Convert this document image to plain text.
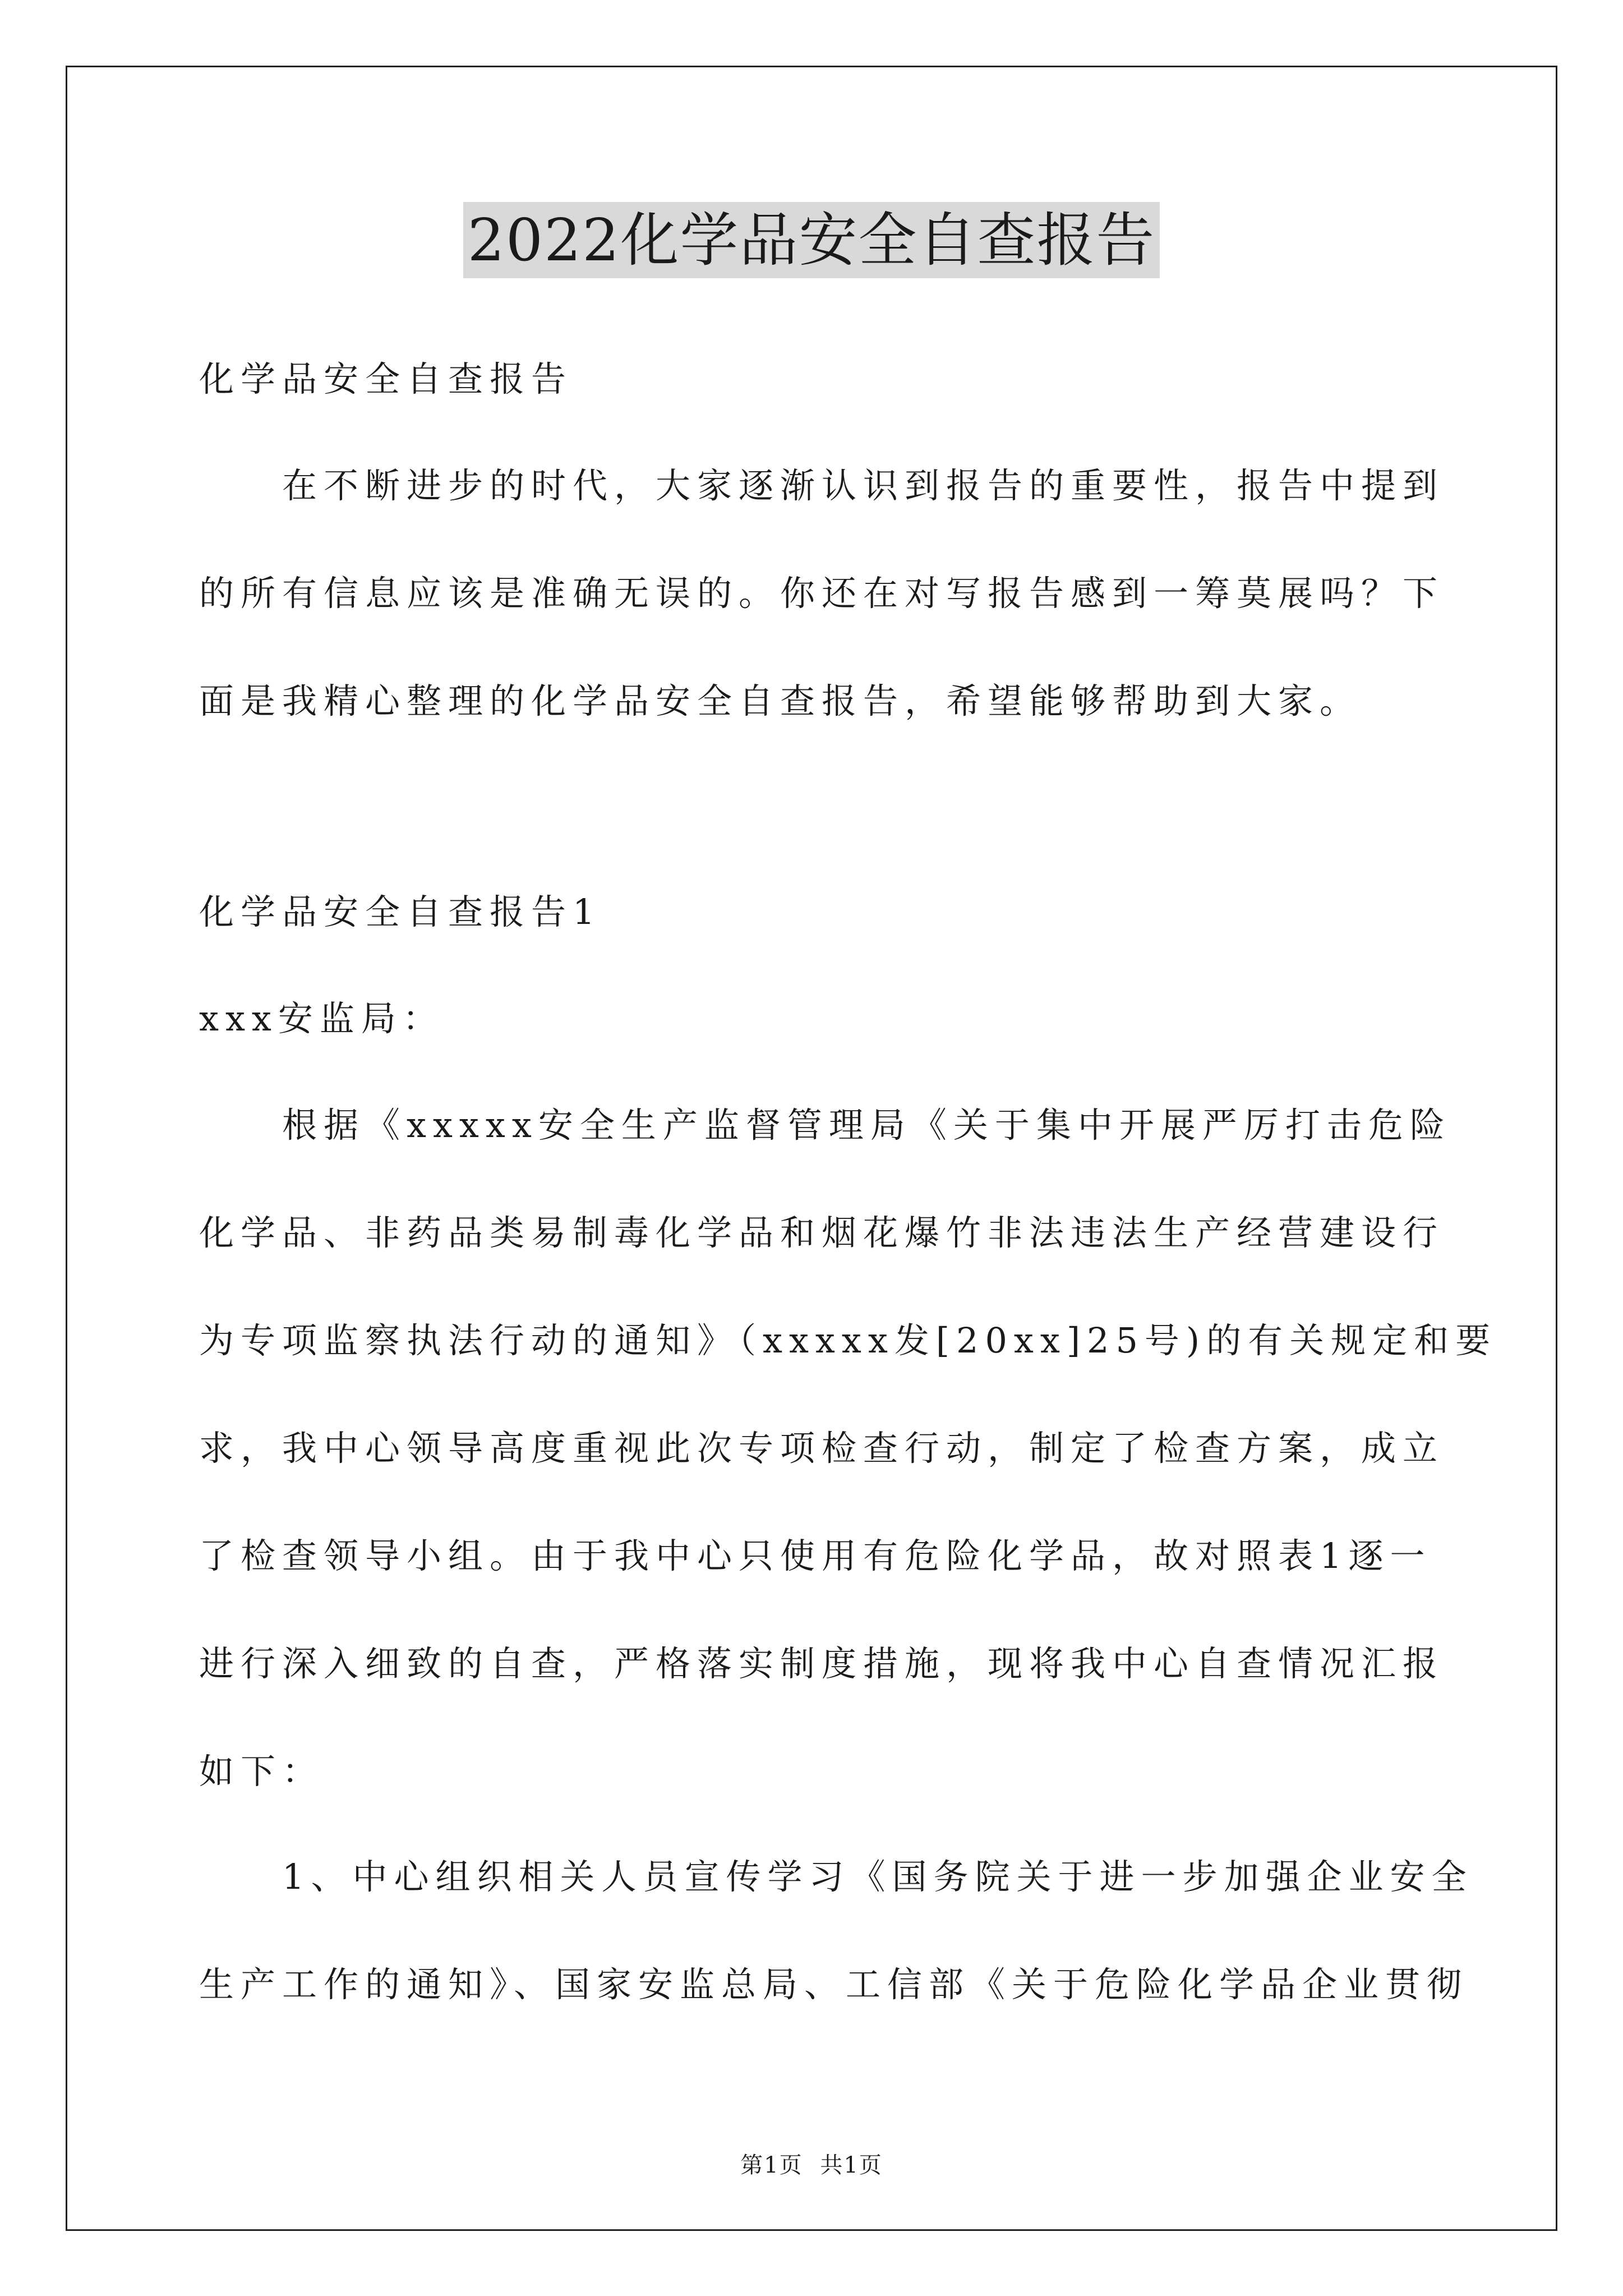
2022化学品安全自查报告

化学品安全自查报告

　　在不断进步的时代，大家逐渐认识到报告的重要性，报告中提到
的所有信息应该是准确无误的。你还在对写报告感到一筹莫展吗？下
面是我精心整理的化学品安全自查报告，希望能够帮助到大家。

化学品安全自查报告1

xxx安监局：

　　根据《xxxxx安全生产监督管理局《关于集中开展严厉打击危险
化学品、非药品类易制毒化学品和烟花爆竹非法违法生产经营建设行
为专项监察执法行动的通知》（xxxxx发[20xx]25号)的有关规定和要
求，我中心领导高度重视此次专项检查行动，制定了检查方案，成立
了检查领导小组。由于我中心只使用有危险化学品，故对照表1逐一
进行深入细致的自查，严格落实制度措施，现将我中心自查情况汇报
如下：
　　1、中心组织相关人员宣传学习《国务院关于进一步加强企业安全
生产工作的通知》、国家安监总局、工信部《关于危险化学品企业贯彻
第1页 共1页
